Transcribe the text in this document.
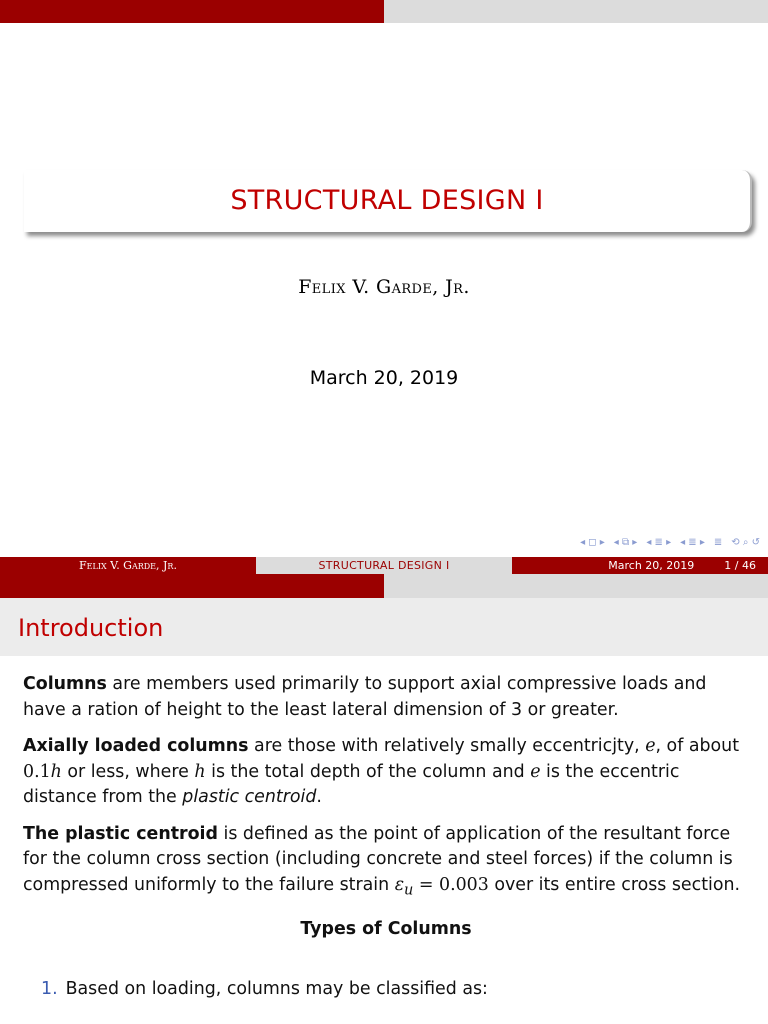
STRUCTURAL DESIGN I
Felix V. Garde, Jr.
March 20, 2019
◂ ◻ ▸ ◂ ⧉ ▸ ◂ ≣ ▸ ◂ ≣ ▸ ≣ ⟲ ⌕ ↺
Felix V. Garde, Jr.	STRUCTURAL DESIGN I	March 20, 2019	1 / 46
Introduction

Columns are members used primarily to support axial compressive loads and have a ration of height to the least lateral dimension of 3 or greater.

Axially loaded columns are those with relatively smally eccentricjty, e, of about 0.1h or less, where h is the total depth of the column and e is the eccentric distance from the plastic centroid.

The plastic centroid is defined as the point of application of the resultant force for the column cross section (including concrete and steel forces) if the column is compressed uniformly to the failure strain $\varepsilon_u = 0.003$ over its entire cross section.

Types of Columns
1. Based on loading, columns may be classified as:
